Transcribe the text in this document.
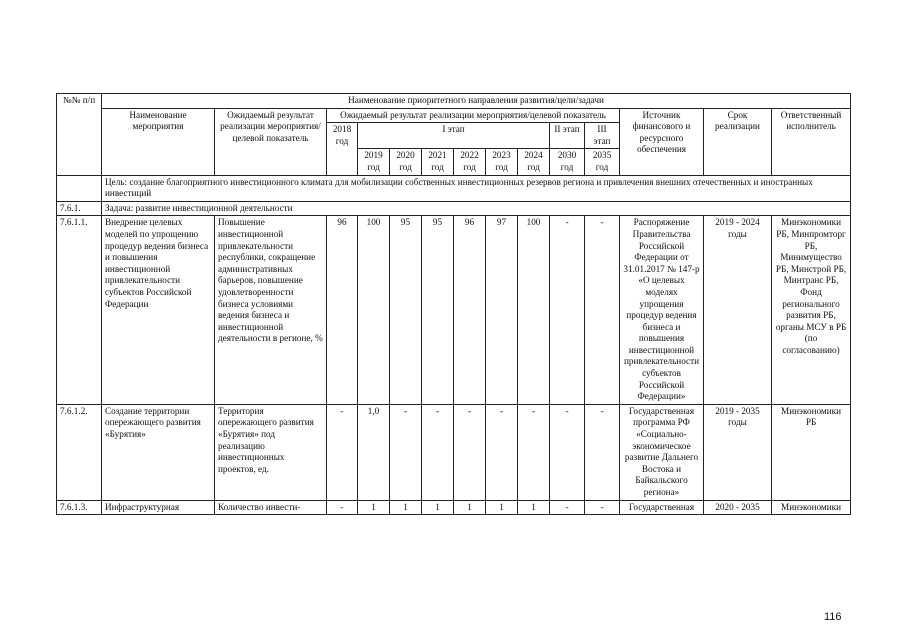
№№ п/п	Наименование приоритетного направления развития/цели/задачи													
	Наименование мероприятия	Ожидаемый результат реализации мероприятия/целевой показатель	Ожидаемый результат реализации мероприятия/целевой показатель									Источник финансового и ресурсного обеспечения	Срок реализации	Ответственный исполнитель
			2018 год	I этап						II этап	III этап			
				2019 год	2020 год	2021 год	2022 год	2023 год	2024 год	2030 год	2035 год			
	Цель: создание благоприятного инвестиционного климата для мобилизации собственных инвестиционных резервов региона и привлечения внешних отечественных и иностранных инвестиций													
7.6.1.	Задача: развитие инвестиционной деятельности													
7.6.1.1.	Внедрение целевых моделей по упрощению процедур ведения бизнеса и повышения инвестиционной привлекательности субъектов Российской Федерации	Повышение инвестиционной привлекательности республики, сокращение административных барьеров, повышение удовлетворенности бизнеса условиями ведения бизнеса и инвестиционной деятельности в регионе, %	96	100	95	95	96	97	100	-	-	Распоряжение Правительства Российской Федерации от 31.01.2017 № 147-р «О целевых моделях упрощения процедур ведения бизнеса и повышения инвестиционной привлекательности субъектов Российской Федерации»	2019 - 2024 годы	Минэкономики РБ, Минпромторг РБ, Минимущество РБ, Минстрой РБ, Минтранс РБ, Фонд регионального развития РБ, органы МСУ в РБ (по согласованию)
7.6.1.2.	Создание территории опережающего развития «Бурятия»	Территория опережающего развития «Бурятия» под реализацию инвестиционных проектов, ед.	-	1,0	-	-	-	-	-	-	-	Государственная программа РФ «Социально-экономическое развитие Дальнего Востока и Байкальского региона»	2019 - 2035 годы	Минэкономики РБ
7.6.1.3.	Инфраструктурная	Количество инвести-	-	1	1	1	1	1	1	-	-	Государственная	2020 - 2035	Минэкономики
116
